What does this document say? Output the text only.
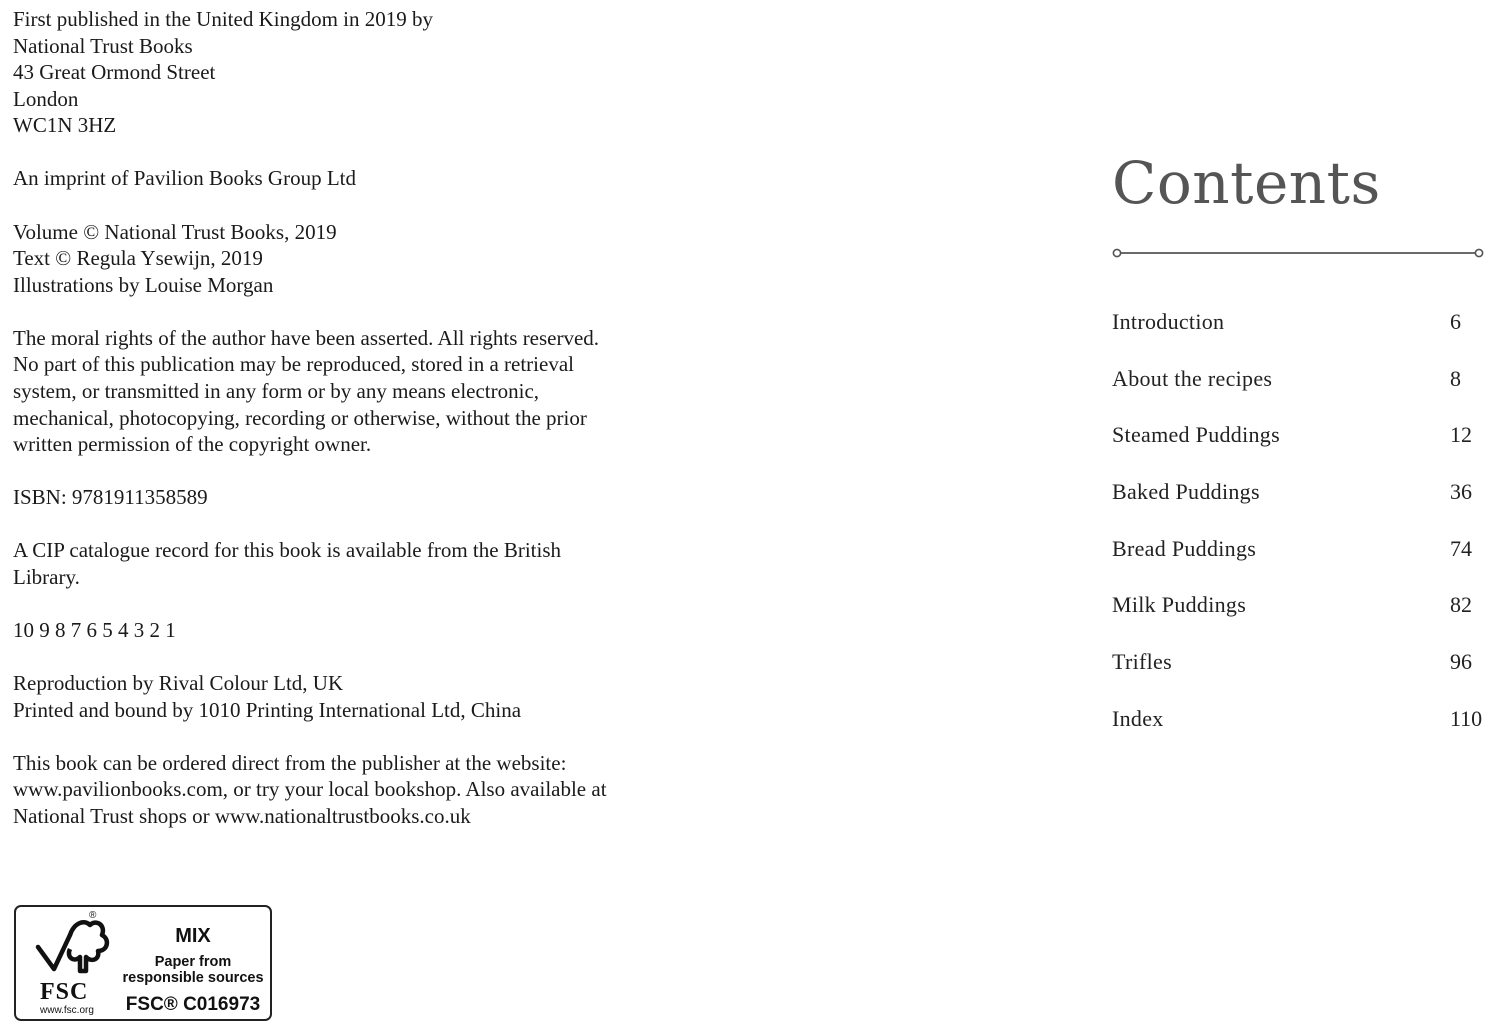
First published in the United Kingdom in 2019 by
National Trust Books
43 Great Ormond Street
London
WC1N 3HZ
An imprint of Pavilion Books Group Ltd
Volume © National Trust Books, 2019
Text © Regula Ysewijn, 2019
Illustrations by Louise Morgan
The moral rights of the author have been asserted. All rights reserved.
No part of this publication may be reproduced, stored in a retrieval
system, or transmitted in any form or by any means electronic,
mechanical, photocopying, recording or otherwise, without the prior
written permission of the copyright owner.
ISBN: 9781911358589
A CIP catalogue record for this book is available from the British
Library.
10 9 8 7 6 5 4 3 2 1
Reproduction by Rival Colour Ltd, UK
Printed and bound by 1010 Printing International Ltd, China
This book can be ordered direct from the publisher at the website:
www.pavilionbooks.com, or try your local bookshop. Also available at
National Trust shops or www.nationaltrustbooks.co.uk
®
FSC
www.fsc.org
MIX
Paper from
responsible sources
FSC® C016973
Contents
Introduction	6
About the recipes	8
Steamed Puddings	12
Baked Puddings	36
Bread Puddings	74
Milk Puddings	82
Trifles	96
Index	110
